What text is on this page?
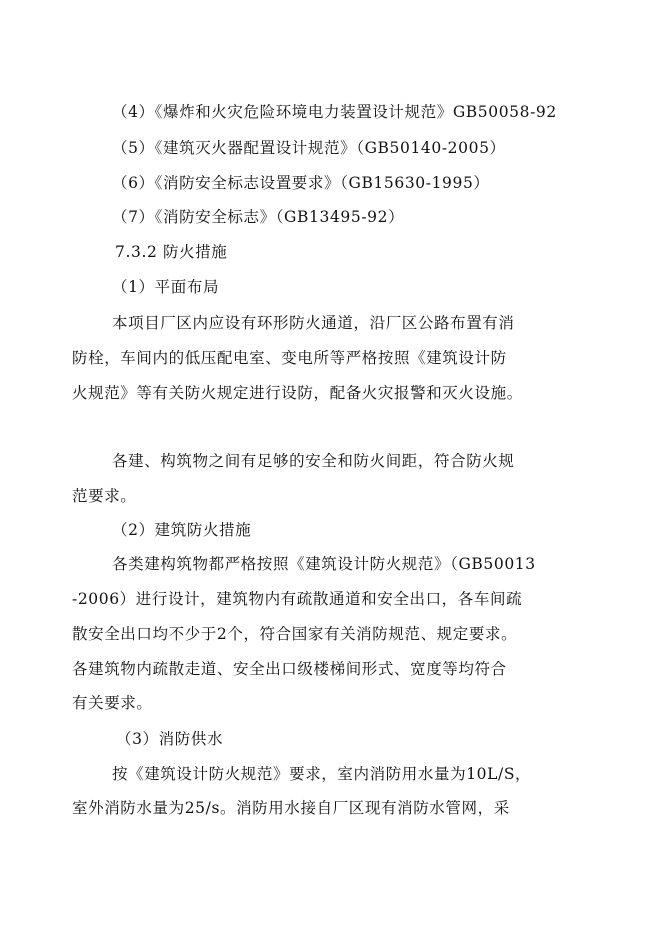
（4）《爆炸和火灾危险环境电力装置设计规范》GB50058-92
（5）《建筑灭火器配置设计规范》（GB50140-2005）
（6）《消防安全标志设置要求》（GB15630-1995）
（7）《消防安全标志》（GB13495-92）
7.3.2 防火措施
（1）平面布局
本项目厂区内应设有环形防火通道，沿厂区公路布置有消
防栓，车间内的低压配电室、变电所等严格按照《建筑设计防
火规范》等有关防火规定进行设防，配备火灾报警和灭火设施。
各建、构筑物之间有足够的安全和防火间距，符合防火规
范要求。
（2）建筑防火措施
各类建构筑物都严格按照《建筑设计防火规范》（GB50013
-2006）进行设计，建筑物内有疏散通道和安全出口，各车间疏
散安全出口均不少于2个，符合国家有关消防规范、规定要求。
各建筑物内疏散走道、安全出口级楼梯间形式、宽度等均符合
有关要求。
（3）消防供水
按《建筑设计防火规范》要求，室内消防用水量为10L/S，
室外消防水量为25/s。消防用水接自厂区现有消防水管网，采
